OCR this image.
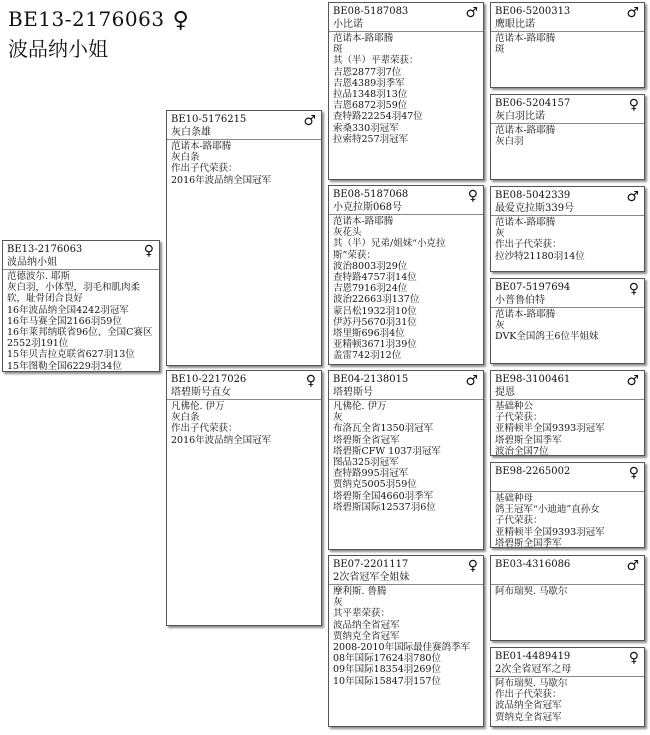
BE13-2176063 ♀
波品纳小姐
BE13-2176063
波品纳小姐
♀
范德波尔. 耶斯
灰白羽，小体型，羽毛和肌肉柔
软，耻骨闭合良好
16年波品纳全国4242羽冠军
16年马赛全国2166羽59位
16年莱邦纳联省96位、全国C赛区
2552羽191位
15年贝吉拉克联省627羽13位
15年图勒全国6229羽34位
BE10-5176215
灰白条雄
♂
范诺本-路耶腾
灰白条
作出子代荣获：
2016年波品纳全国冠军
BE10-2217026
塔碧斯号直女
♀
凡佛伦. 伊万
灰白条
作出子代荣获：
2016年波品纳全国冠军
BE08-5187083
小比诺
♂
范诺本-路耶腾
斑
其（半）平辈荣获：
吉恩2877羽7位
吉恩4389羽季军
拉品1348羽13位
吉恩6872羽59位
查特路22254羽47位
索桑330羽冠军
拉索特257羽冠军
BE08-5187068
小克拉斯068号
♀
范诺本-路耶腾
灰花头
其（半）兄弟/姐妹“小克拉
斯”荣获：
波治8003羽29位
查特路4757羽14位
吉恩7916羽24位
波治22663羽137位
蒙吕松1932羽10位
伊苏丹5670羽31位
塔里斯696羽4位
亚精顿3671羽39位
盖雷742羽12位
BE04-2138015
塔碧斯号
♂
凡佛伦. 伊万
灰
布洛瓦全省1350羽冠军
塔碧斯全省冠军
塔碧斯CFW 1037羽冠军
图品325羽冠军
查特路995羽冠军
贾纳克5005羽59位
塔碧斯全国4660羽季军
塔碧斯国际12537羽6位
BE07-2201117
2次省冠军全姐妹
♀
摩利斯. 鲁腾
灰
其平辈荣获：
波品纳全省冠军
贾纳克全省冠军
2008-2010年国际最佳赛鸽季军
08年国际17624羽780位
09年国际18354羽269位
10年国际15847羽157位
BE06-5200313
鹰眼比诺
♂
范诺本-路耶腾
斑
BE06-5204157
灰白羽比诺
♀
范诺本-路耶腾
灰白羽
BE08-5042339
最爱克拉斯339号
♂
范诺本-路耶腾
灰
作出子代荣获：
拉沙特21180羽14位
BE07-5197694
小普鲁伯特
♀
范诺本-路耶腾
灰
DVK全国鸽王6位半姐妹
BE98-3100461
提恩
♂
基础种公
子代荣获：
亚精顿半全国9393羽冠军
塔碧斯全国季军
波治全国7位
BE98-2265002
	♀
基础种母
鸽王冠军“小迪迪”直孙女
子代荣获：
亚精顿半全国9393羽冠军
塔碧斯全国季军
BE03-4316086
	♂
阿布瑞契. 马歇尔
BE01-4489419
2次全省冠军之母
♀
阿布瑞契. 马歇尔
作出子代荣获：
波品纳全省冠军
贾纳克全省冠军
